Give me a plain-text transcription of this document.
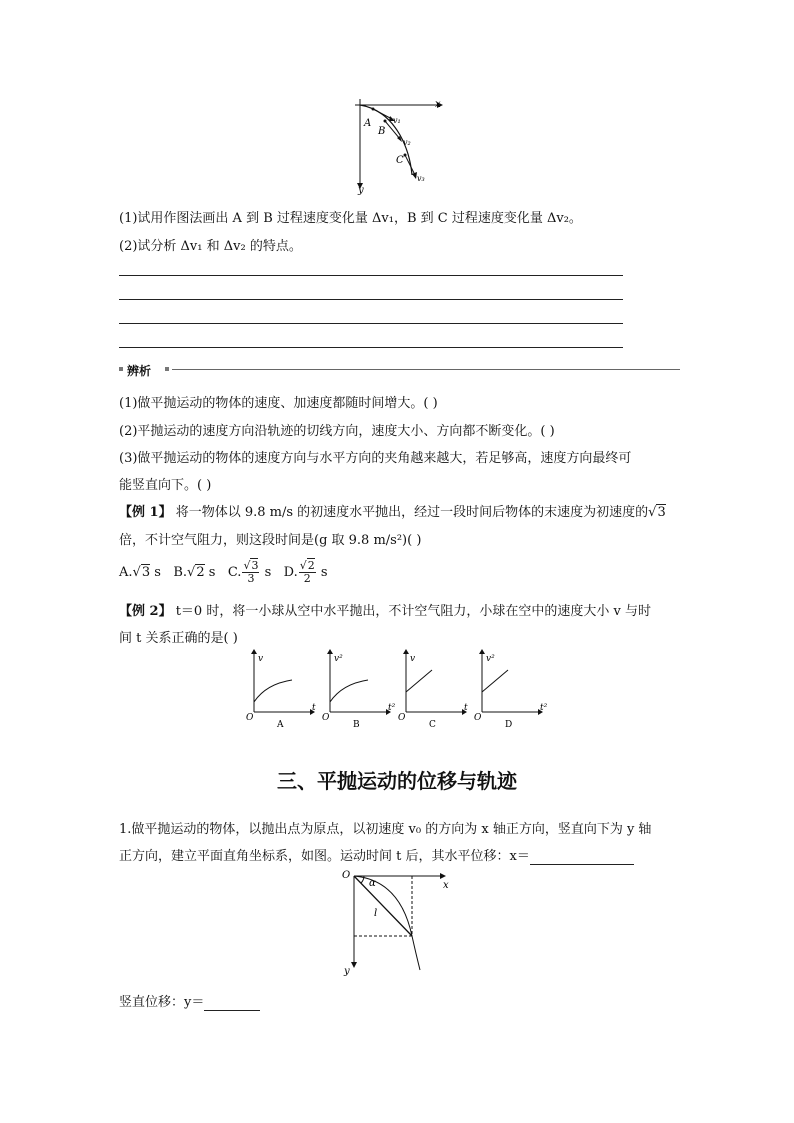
x
y
A
B
C
v₁
v₂
v₃
(1)试用作图法画出 A 到 B 过程速度变化量 Δv₁，B 到 C 过程速度变化量 Δv₂。
(2)试分析 Δv₁ 和 Δv₂ 的特点。
辨析
(1)做平抛运动的物体的速度、加速度都随时间增大。( )
(2)平抛运动的速度方向沿轨迹的切线方向，速度大小、方向都不断变化。( )
(3)做平抛运动的物体的速度方向与水平方向的夹角越来越大，若足够高，速度方向最终可
能竖直向下。( )
【例 1】 将一物体以 9.8 m/s 的初速度水平抛出，经过一段时间后物体的末速度为初速度的√3
倍，不计空气阻力，则这段时间是(g 取 9.8 m/s²)( )
A.√3 s B.√2 s C. $\frac{√3}{3}$ s D. $\frac{√2}{2}$ s
【例 2】 t＝0 时，将一小球从空中水平抛出，不计空气阻力，小球在空中的速度大小 v 与时
间 t 关系正确的是( )
v
t
O
A
v²
t²
O
B
v
t
O
C
v²
t²
O
D
三、平抛运动的位移与轨迹
1.做平抛运动的物体，以抛出点为原点，以初速度 v₀ 的方向为 x 轴正方向，竖直向下为 y 轴
正方向，建立平面直角坐标系，如图。运动时间 t 后，其水平位移：x＝
O
α	x
y
l
竖直位移：y＝
